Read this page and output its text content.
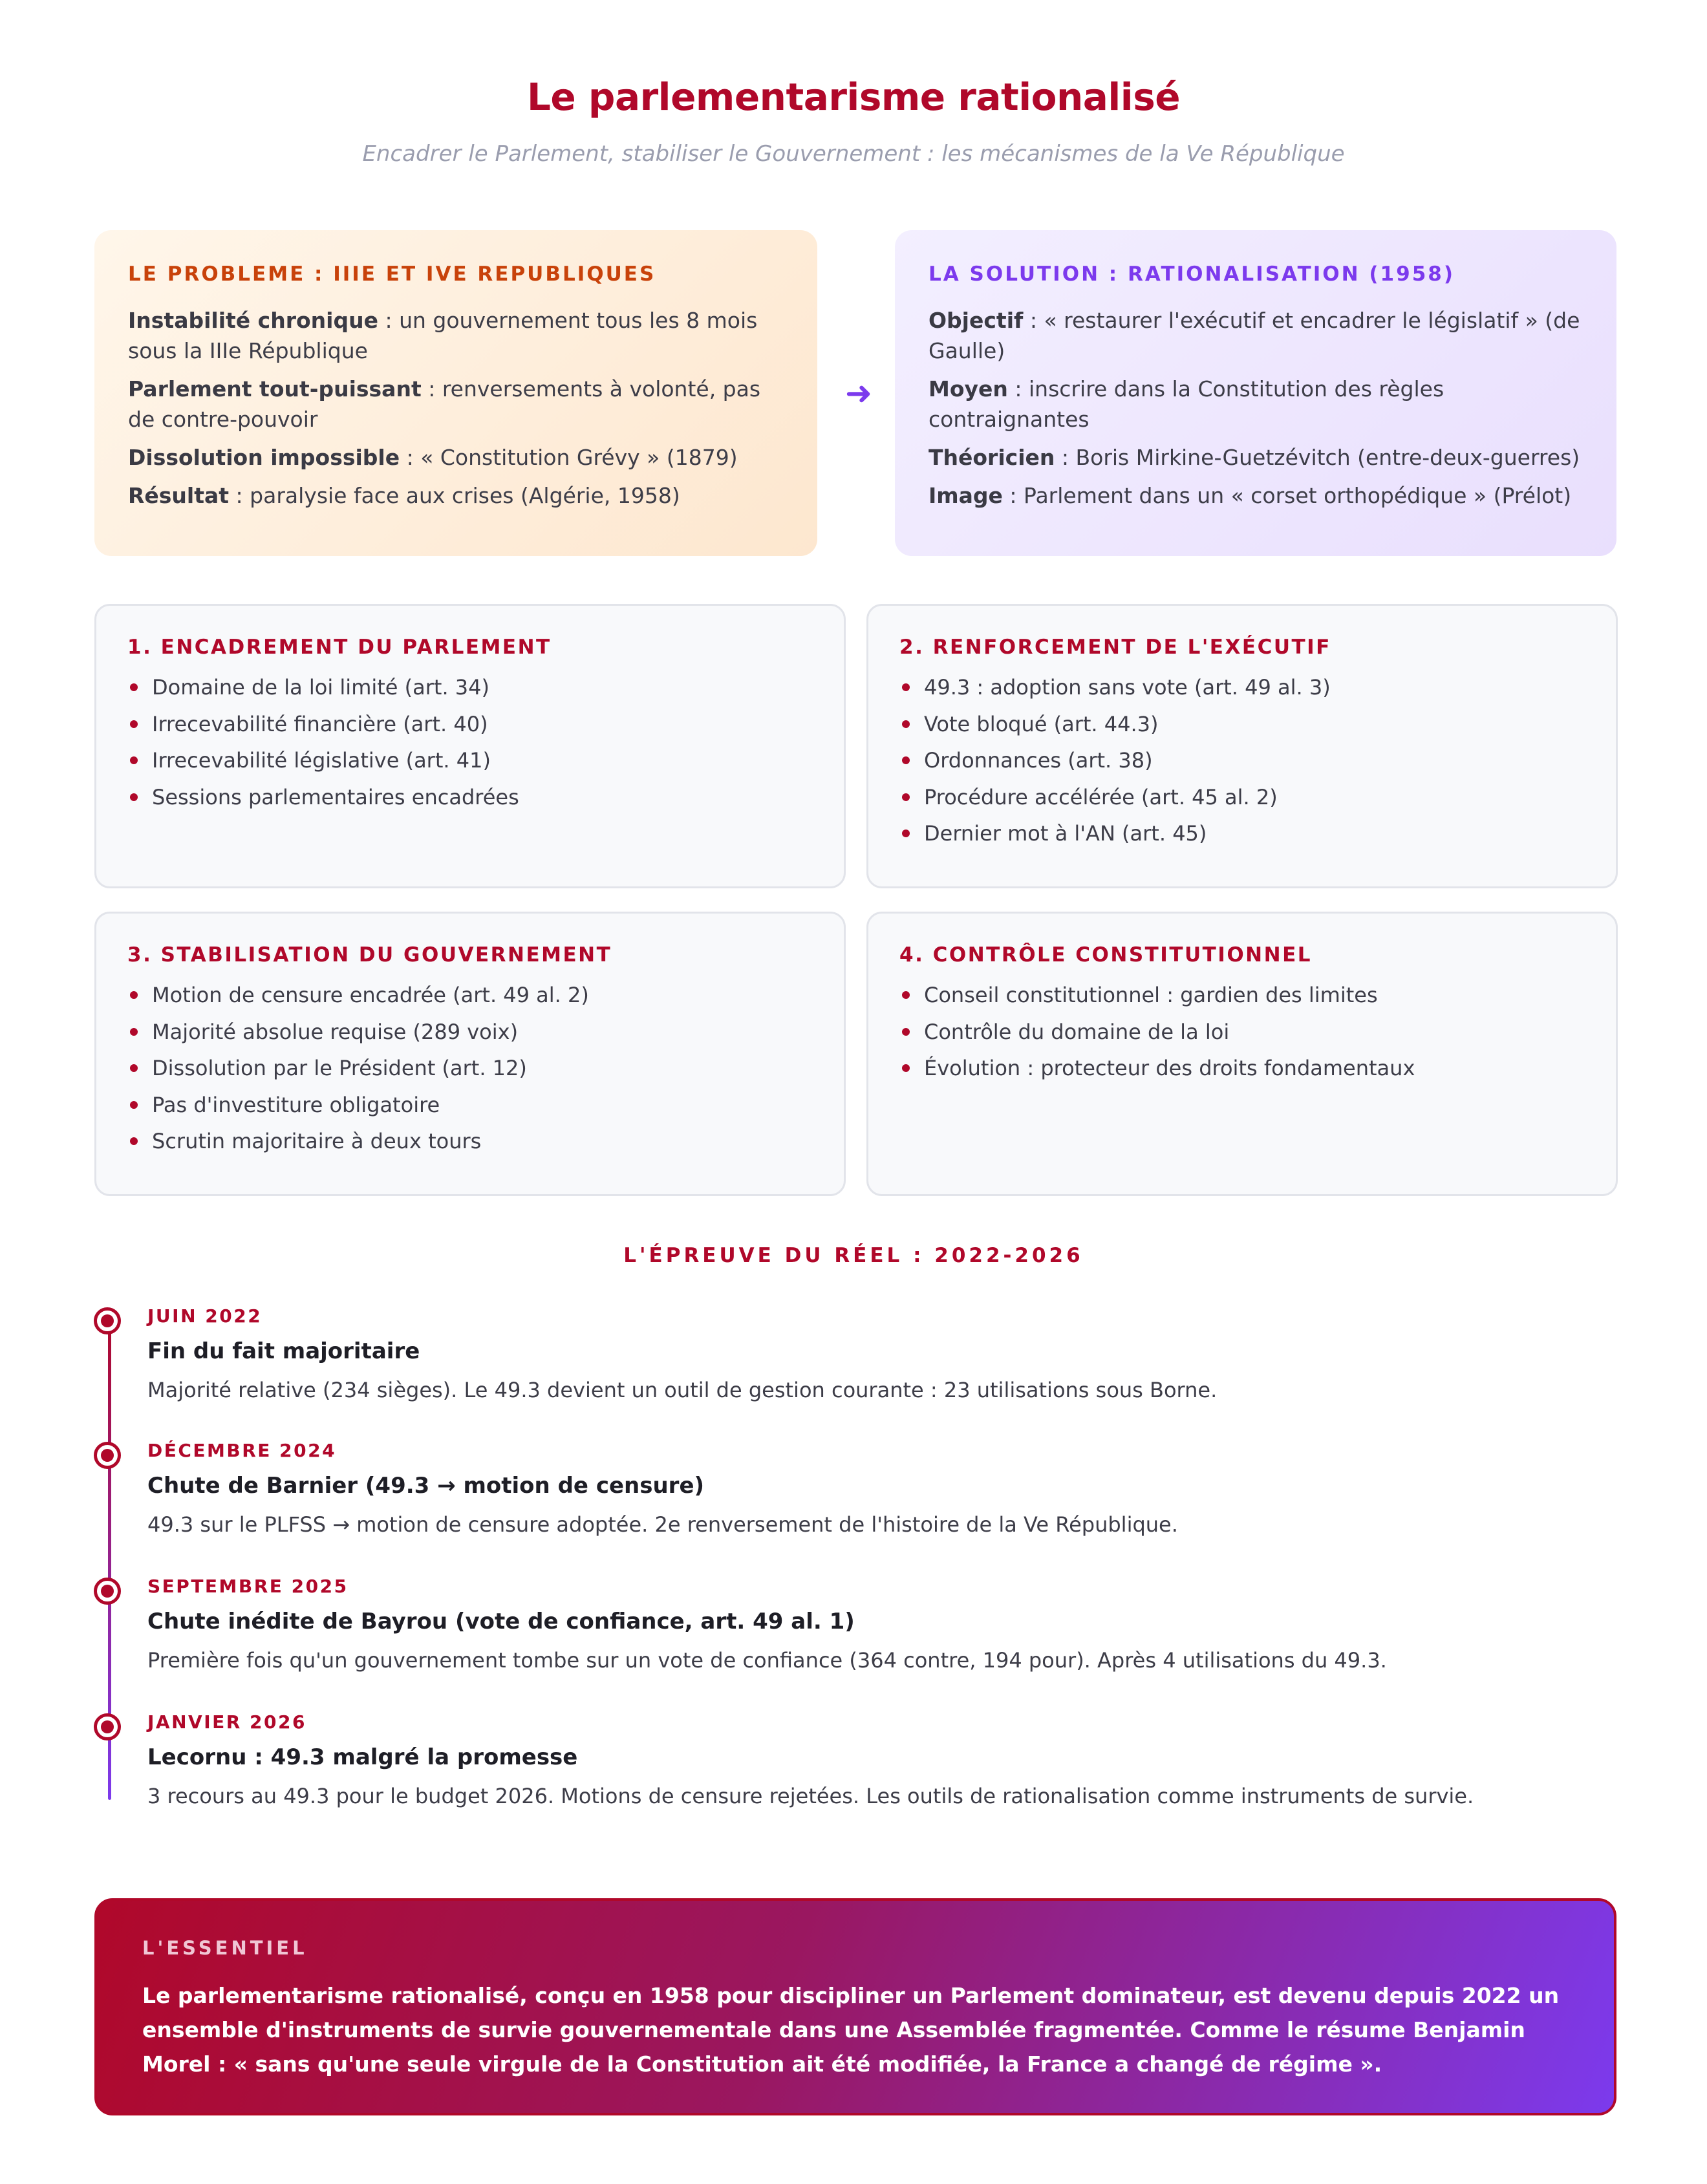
Le parlementarisme rationalisé
Encadrer le Parlement, stabiliser le Gouvernement : les mécanismes de la Ve République
LE PROBLEME : IIIE ET IVE REPUBLIQUES
Instabilité chronique : un gouvernement tous les 8 mois sous la IIIe République
Parlement tout-puissant : renversements à volonté, pas de contre-pouvoir
Dissolution impossible : « Constitution Grévy » (1879)
Résultat : paralysie face aux crises (Algérie, 1958)
➜
LA SOLUTION : RATIONALISATION (1958)
Objectif : « restaurer l'exécutif et encadrer le législatif » (de Gaulle)
Moyen : inscrire dans la Constitution des règles contraignantes
Théoricien : Boris Mirkine-Guetzévitch (entre-deux-guerres)
Image : Parlement dans un « corset orthopédique » (Prélot)
1. ENCADREMENT DU PARLEMENT
Domaine de la loi limité (art. 34)
Irrecevabilité financière (art. 40)
Irrecevabilité législative (art. 41)
Sessions parlementaires encadrées
2. RENFORCEMENT DE L'EXÉCUTIF
49.3 : adoption sans vote (art. 49 al. 3)
Vote bloqué (art. 44.3)
Ordonnances (art. 38)
Procédure accélérée (art. 45 al. 2)
Dernier mot à l'AN (art. 45)
3. STABILISATION DU GOUVERNEMENT
Motion de censure encadrée (art. 49 al. 2)
Majorité absolue requise (289 voix)
Dissolution par le Président (art. 12)
Pas d'investiture obligatoire
Scrutin majoritaire à deux tours
4. CONTRÔLE CONSTITUTIONNEL
Conseil constitutionnel : gardien des limites
Contrôle du domaine de la loi
Évolution : protecteur des droits fondamentaux
L'ÉPREUVE DU RÉEL : 2022-2026
JUIN 2022
Fin du fait majoritaire
Majorité relative (234 sièges). Le 49.3 devient un outil de gestion courante : 23 utilisations sous Borne.
DÉCEMBRE 2024
Chute de Barnier (49.3 → motion de censure)
49.3 sur le PLFSS → motion de censure adoptée. 2e renversement de l'histoire de la Ve République.
SEPTEMBRE 2025
Chute inédite de Bayrou (vote de confiance, art. 49 al. 1)
Première fois qu'un gouvernement tombe sur un vote de confiance (364 contre, 194 pour). Après 4 utilisations du 49.3.
JANVIER 2026
Lecornu : 49.3 malgré la promesse
3 recours au 49.3 pour le budget 2026. Motions de censure rejetées. Les outils de rationalisation comme instruments de survie.
L'ESSENTIEL
Le parlementarisme rationalisé, conçu en 1958 pour discipliner un Parlement dominateur, est devenu depuis 2022 un ensemble d'instruments de survie gouvernementale dans une Assemblée fragmentée. Comme le résume Benjamin Morel : « sans qu'une seule virgule de la Constitution ait été modifiée, la France a changé de régime ».
